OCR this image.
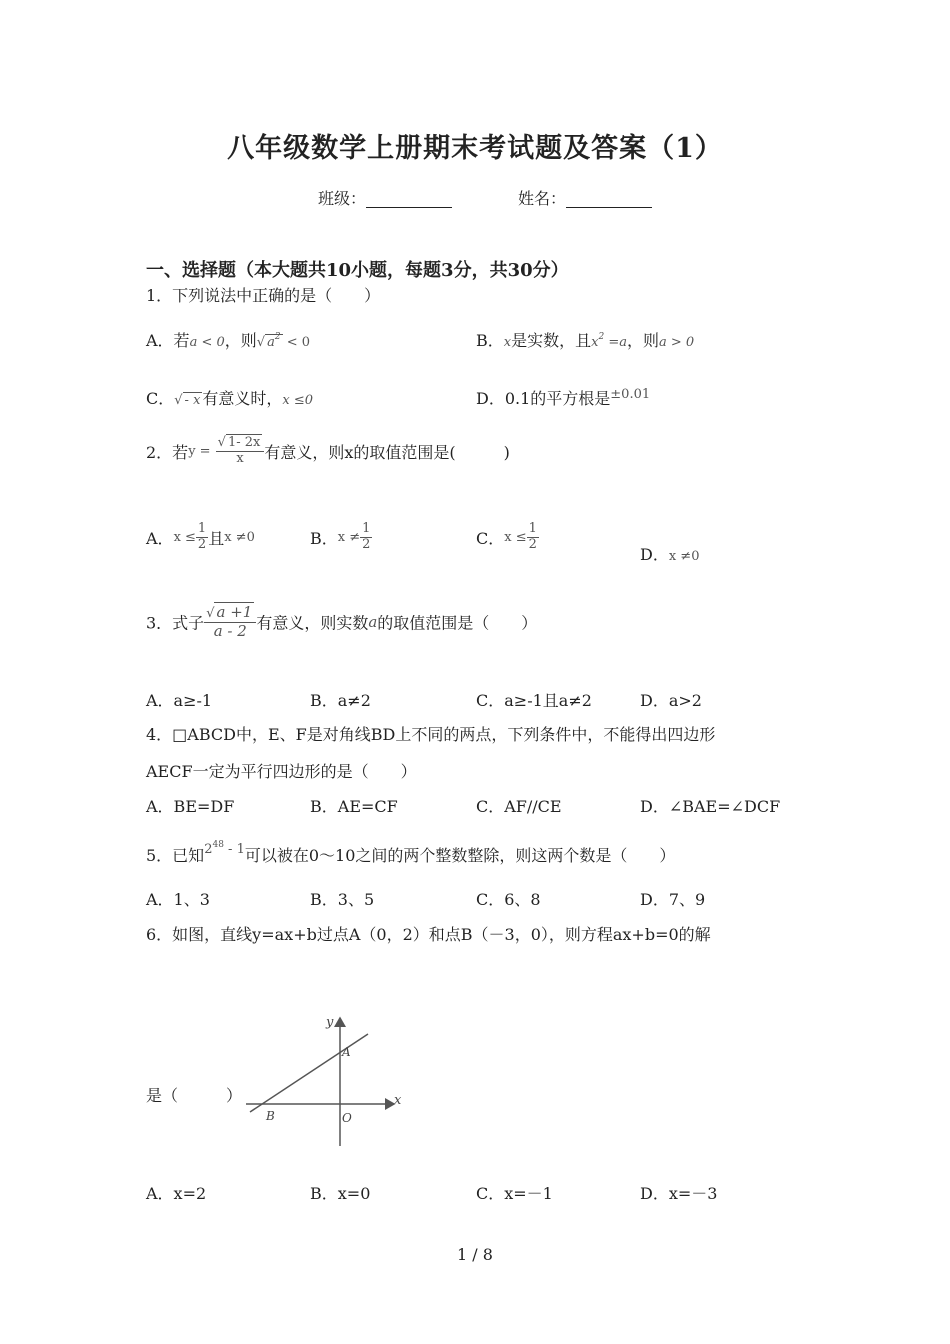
八年级数学上册期末考试题及答案（1）
班级：	姓名：
一、选择题（本大题共10小题，每题3分，共30分）
1．下列说法中正确的是（　　）
A．若a < 0，则√ $a^2 < 0$	B．x是实数，且$x^2 =a$，则a > 0
C．√ - x 有意义时，x ≤0	D．0.1的平方根是$^{\pm 0.01}$
2．若$y = \frac{√ 1- 2x}{x}$ 有意义，则x的取值范围是(　　　)
A．$x \le \frac{1}{2}$ 且x ≠0	B．$x \ne \frac{1}{2}$	C．$x \le \frac{1}{2}$
D．x ≠0
3．式子 $\frac{√ a +1}{a - 2}$ 有意义，则实数a的取值范围是（　　）
A．a≥-1	B．a≠2	C．a≥-1且a≠2	D．a>2
4．□ABCD中，E、F是对角线BD上不同的两点，下列条件中，不能得出四边形
AECF一定为平行四边形的是（　　）
A．BE=DF	B．AE=CF	C．AF//CE	D．∠BAE=∠DCF
5．已知$^{248}$ $^{- 1}$可以被在0～10之间的两个整数整除，则这两个数是（　　）
A．1、3	B．3、5	C．6、8	D．7、9
6．如图，直线y=ax+b过点A（0，2）和点B（－3，0），则方程ax+b=0的解
是（　　　）
y
x
A
B	O
A．x=2	B．x=0	C．x=－1	D．x=－3
1 / 8
